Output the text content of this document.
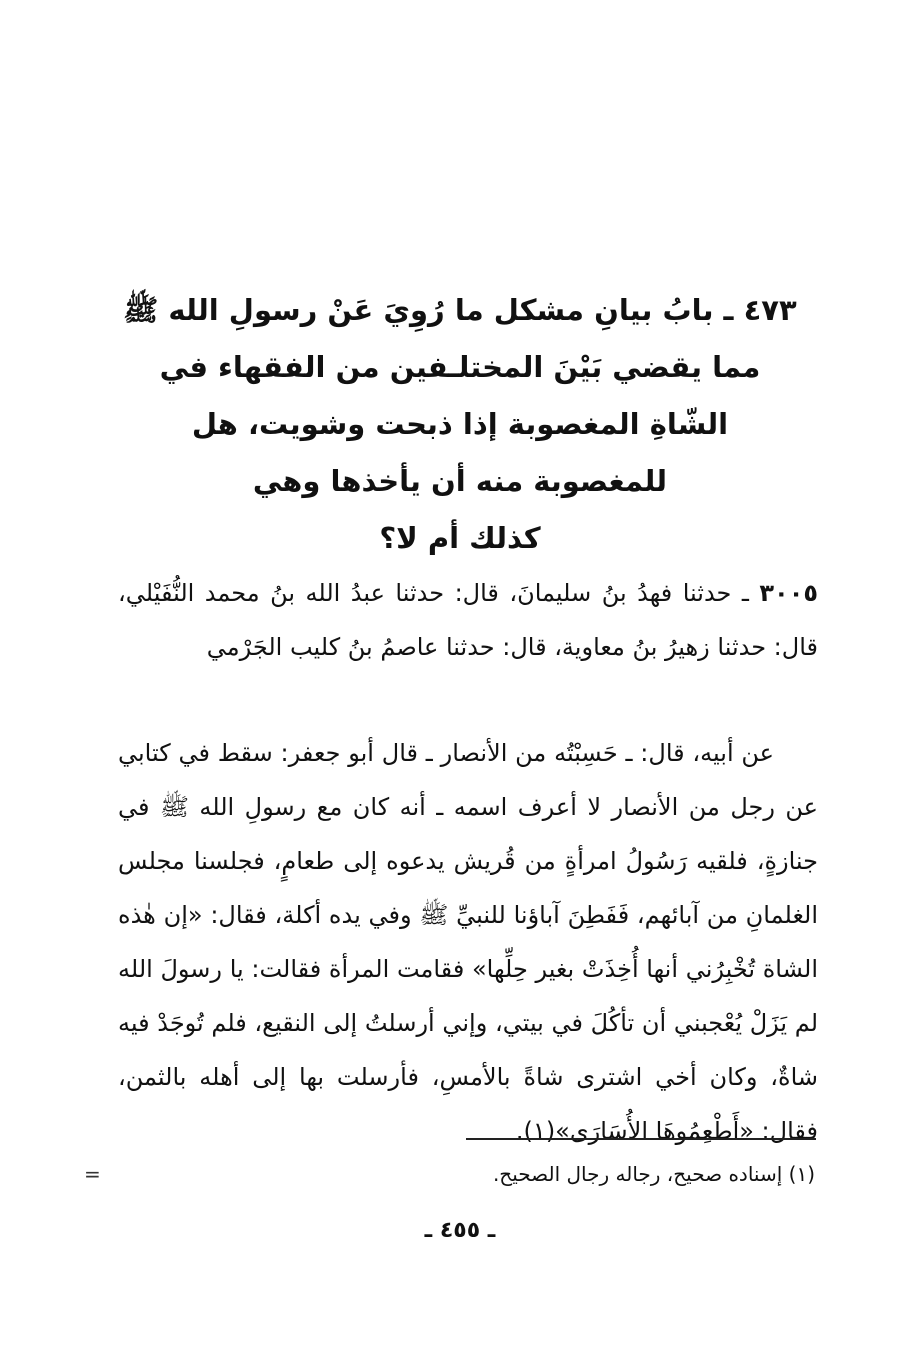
٤٧٣ ـ بابُ بيانِ مشكل ما رُوِيَ عَنْ رسولِ الله ﷺ
مما يقضي بَيْنَ المختلـفين من الفقهاء في
الشّاةِ المغصوبة إذا ذبحت وشويت، هل
للمغصوبة منه أن يأخذها وهي
كذلك أم لا؟
٣٠٠٥ ـ حدثنا فهدُ بنُ سليمانَ، قال: حدثنا عبدُ الله بنُ محمد النُّفَيْلي، قال: حدثنا زهيرُ بنُ معاوية، قال: حدثنا عاصمُ بنُ كليب الجَرْمي
عن أبيه، قال: ـ حَسِبْتُه من الأنصار ـ قال أبو جعفر: سقط في كتابي عن رجل من الأنصار لا أعرف اسمه ـ أنه كان مع رسولِ الله ﷺ في جنازةٍ، فلقيه رَسُولُ امرأةٍ من قُريش يدعوه إلى طعامٍ، فجلسنا مجلس الغلمانِ من آبائهم، فَفَطِنَ آباؤنا للنبيِّ ﷺ وفي يده أكلة، فقال: «إن هٰذه الشاة تُخْبِرُني أنها أُخِذَتْ بغير حِلِّها» فقامت المرأة فقالت: يا رسولَ الله لم يَزَلْ يُعْجبني أن تأكُلَ في بيتي، وإني أرسلتُ إلى النقيع، فلم تُوجَدْ فيه شاةٌ، وكان أخي اشترى شاةً بالأمسِ، فأرسلت بها إلى أهله بالثمن، فقال: «أَطْعِمُوهَا الأُسَارَى»(١).
(١) إسناده صحيح، رجاله رجال الصحيح.
=
ـ ٤٥٥ ـ
